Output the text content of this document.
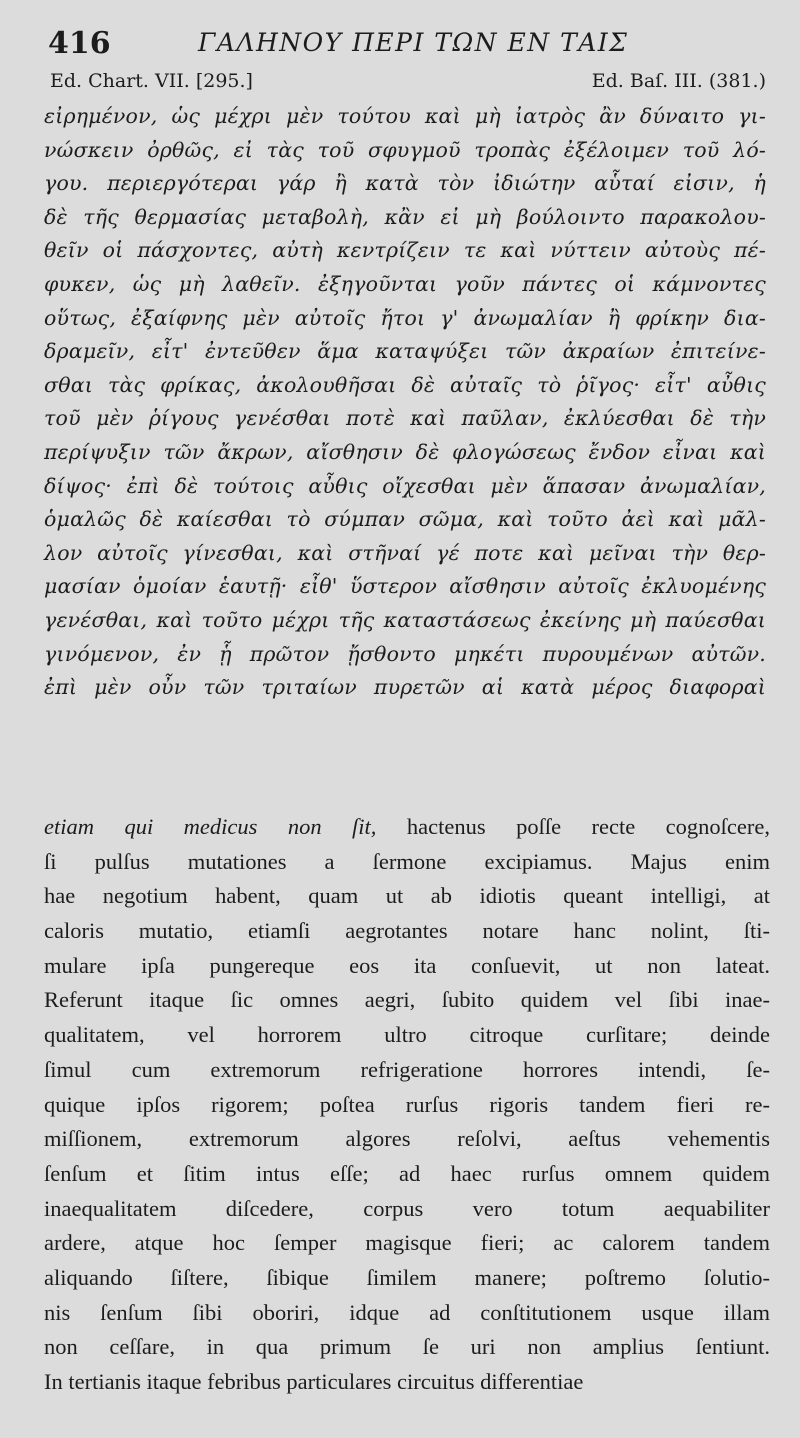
416	ΓΑΛΗΝΟΥ ΠΕΡΙ ΤΩΝ ΕΝ ΤΑΙΣ
Ed. Chart. VII. [295.]	Ed. Baſ. III. (381.)
εἰρημένον, ὡς μέχρι μὲν τούτου καὶ μὴ ἰατρὸς ἂν δύναιτο γι-
νώσκειν ὀρθῶς, εἰ τὰς τοῦ σφυγμοῦ τροπὰς ἐξέλοιμεν τοῦ λό-
γου. περιεργότεραι γάρ ἢ κατὰ τὸν ἰδιώτην αὗταί εἰσιν, ἡ
δὲ τῆς θερμασίας μεταβολὴ, κἂν εἰ μὴ βούλοιντο παρακολου-
θεῖν οἱ πάσχοντες, αὐτὴ κεντρίζειν τε καὶ νύττειν αὐτοὺς πέ-
φυκεν, ὡς μὴ λαθεῖν. ἐξηγοῦνται γοῦν πάντες οἱ κάμνοντες
οὕτως, ἐξαίφνης μὲν αὐτοῖς ἤτοι γ' ἀνωμαλίαν ἢ φρίκην δια-
δραμεῖν, εἶτ' ἐντεῦθεν ἅμα καταψύξει τῶν ἀκραίων ἐπιτείνε-
σθαι τὰς φρίκας, ἀκολουθῆσαι δὲ αὐταῖς τὸ ῥῖγος· εἶτ' αὖθις
τοῦ μὲν ῥίγους γενέσθαι ποτὲ καὶ παῦλαν, ἐκλύεσθαι δὲ τὴν
περίψυξιν τῶν ἄκρων, αἴσθησιν δὲ φλογώσεως ἔνδον εἶναι καὶ
δίψος· ἐπὶ δὲ τούτοις αὖθις οἴχεσθαι μὲν ἅπασαν ἀνωμαλίαν,
ὁμαλῶς δὲ καίεσθαι τὸ σύμπαν σῶμα, καὶ τοῦτο ἀεὶ καὶ μᾶλ-
λον αὐτοῖς γίνεσθαι, καὶ στῆναί γέ ποτε καὶ μεῖναι τὴν θερ-
μασίαν ὁμοίαν ἑαυτῇ· εἶθ' ὕστερον αἴσθησιν αὐτοῖς ἐκλυομένης
γενέσθαι, καὶ τοῦτο μέχρι τῆς καταστάσεως ἐκείνης μὴ παύεσθαι
γινόμενον, ἐν ᾗ πρῶτον ᾔσθοντο μηκέτι πυρουμένων αὐτῶν.
ἐπὶ μὲν οὖν τῶν τριταίων πυρετῶν αἱ κατὰ μέρος διαφοραὶ
etiam qui medicus non ſit, hactenus poſſe recte cognoſcere,
ſi pulſus mutationes a ſermone excipiamus. Majus enim
hae negotium habent, quam ut ab idiotis queant intelligi, at
caloris mutatio, etiamſi aegrotantes notare hanc nolint, ſti-
mulare ipſa pungereque eos ita conſuevit, ut non lateat.
Referunt itaque ſic omnes aegri, ſubito quidem vel ſibi inae-
qualitatem, vel horrorem ultro citroque curſitare; deinde
ſimul cum extremorum refrigeratione horrores intendi, ſe-
quique ipſos rigorem; poſtea rurſus rigoris tandem fieri re-
miſſionem, extremorum algores reſolvi, aeſtus vehementis
ſenſum et ſitim intus eſſe; ad haec rurſus omnem quidem
inaequalitatem diſcedere, corpus vero totum aequabiliter
ardere, atque hoc ſemper magisque fieri; ac calorem tandem
aliquando ſiſtere, ſibique ſimilem manere; poſtremo ſolutio-
nis ſenſum ſibi oboriri, idque ad conſtitutionem usque illam
non ceſſare, in qua primum ſe uri non amplius ſentiunt.
In tertianis itaque febribus particulares circuitus differentiae
